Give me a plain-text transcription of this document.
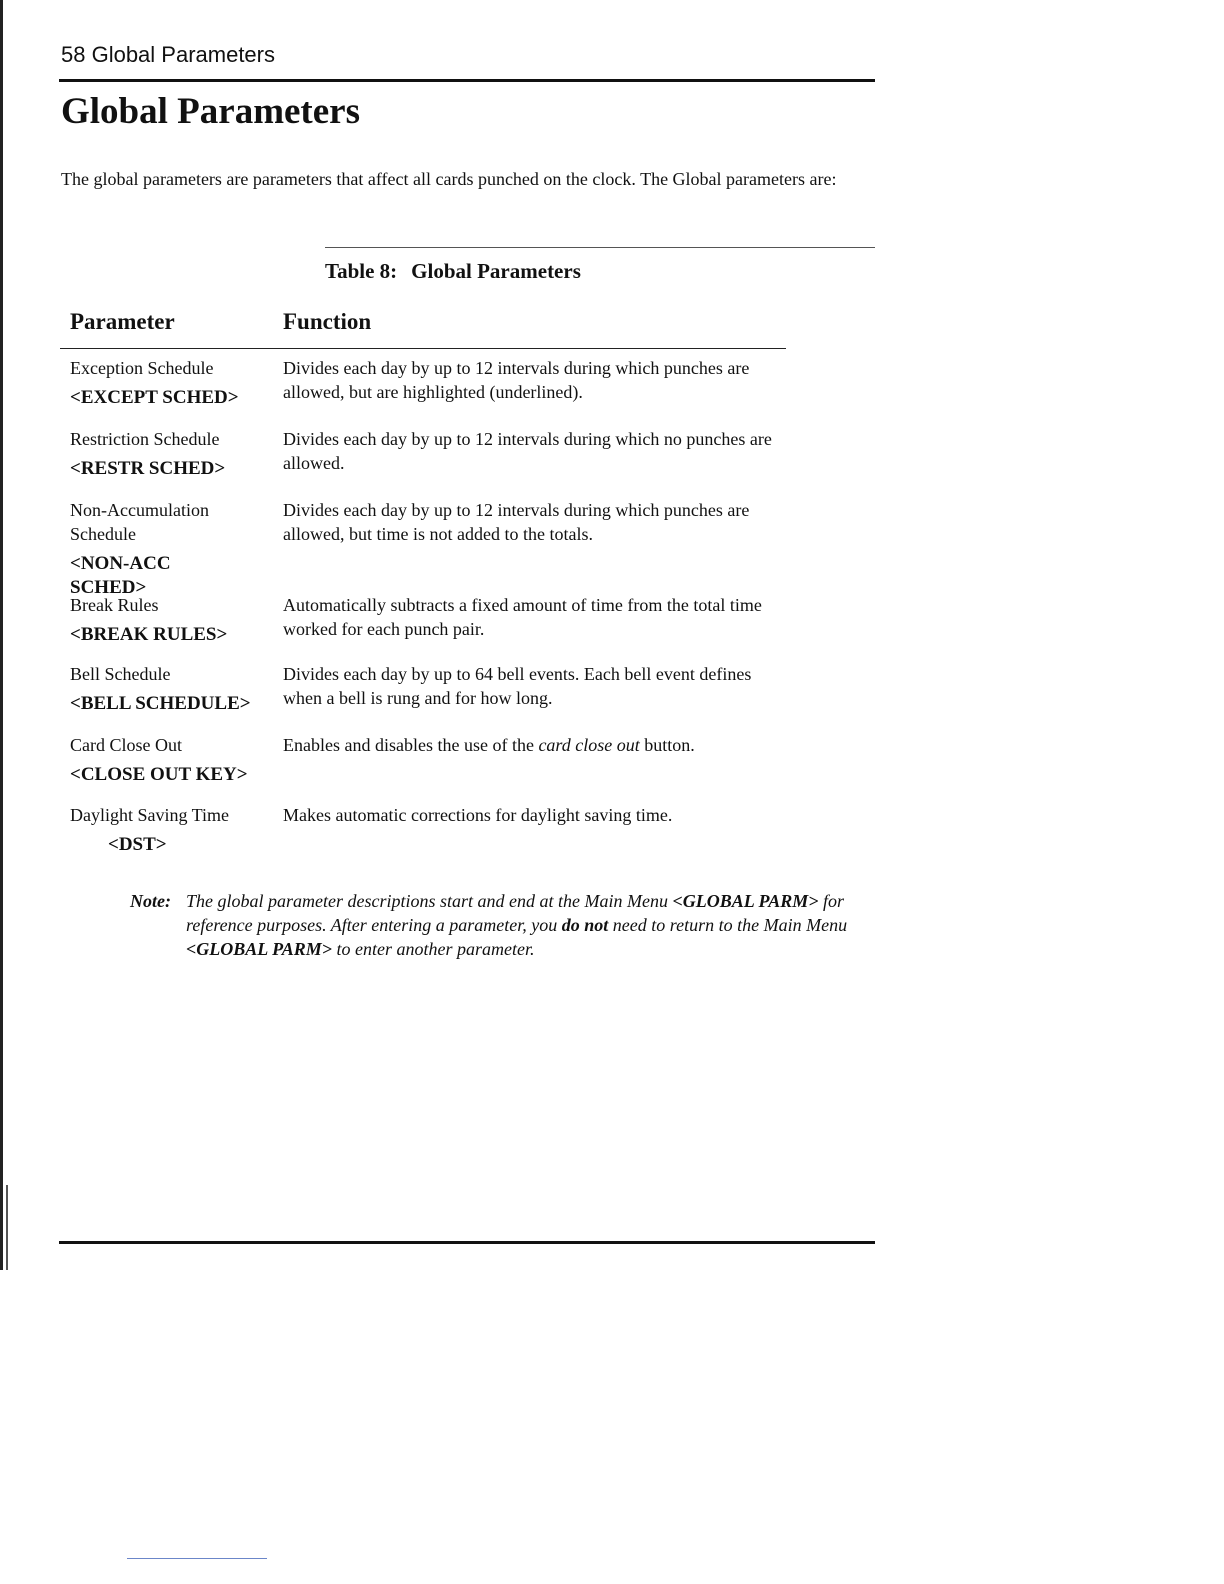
58 Global Parameters
Global Parameters
The global parameters are parameters that affect all cards punched on the clock. The Global parameters are:
Table 8: Global Parameters
Parameter	Function
Exception Schedule
<EXCEPT SCHED>
Divides each day by up to 12 intervals during which punches are allowed, but are highlighted (underlined).
Restriction Schedule
<RESTR SCHED>
Divides each day by up to 12 intervals during which no punches are allowed.
Non-Accumulation Schedule
<NON-ACC SCHED>
Divides each day by up to 12 intervals during which punches are allowed, but time is not added to the totals.
Break Rules
<BREAK RULES>
Automatically subtracts a fixed amount of time from the total time worked for each punch pair.
Bell Schedule
<BELL SCHEDULE>
Divides each day by up to 64 bell events. Each bell event defines when a bell is rung and for how long.
Card Close Out
<CLOSE OUT KEY>
Enables and disables the use of the card close out button.
Daylight Saving Time
<DST>
Makes automatic corrections for daylight saving time.
Note: The global parameter descriptions start and end at the Main Menu <GLOBAL PARM> for reference purposes. After entering a parameter, you do not need to return to the Main Menu <GLOBAL PARM> to enter another parameter.
